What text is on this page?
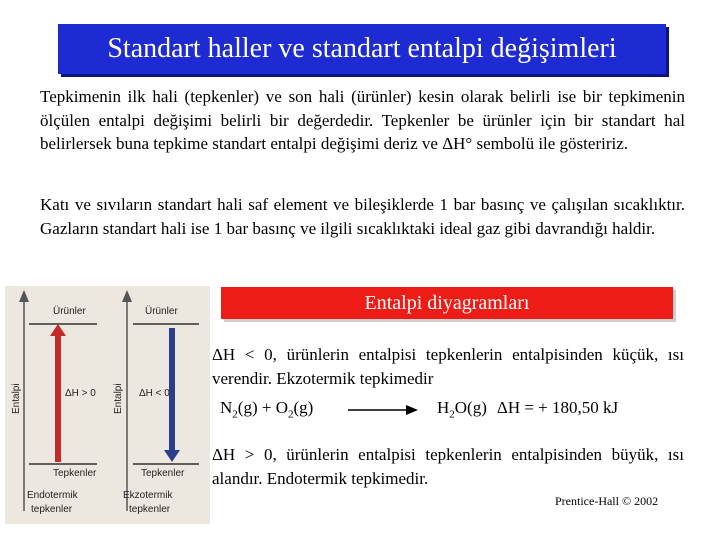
Standart haller ve standart entalpi değişimleri
Tepkimenin ilk hali (tepkenler) ve son hali (ürünler) kesin olarak belirli ise bir tepkimenin ölçülen entalpi değişimi belirli bir değerdedir. Tepkenler be ürünler için bir standart hal belirlersek buna tepkime standart entalpi değişimi deriz ve ΔH° sembolü ile gösteririz.
Katı ve sıvıların standart hali saf element ve bileşiklerde 1 bar basınç ve çalışılan sıcaklıktır. Gazların standart hali ise 1 bar basınç ve ilgili sıcaklıktaki ideal gaz gibi davrandığı haldir.
Ürünler
Tepkenler
ΔH > 0
Entalpi
Endotermik
tepkenler
Ürünler
Tepkenler
ΔH < 0
Entalpi
Ekzotermik
tepkenler
Entalpi diyagramları
ΔH < 0, ürünlerin entalpisi tepkenlerin entalpisinden küçük, ısı verendir. Ekzotermik tepkimedir
$N_2(g) + O_2(g)$	$H_2O(g) \Delta H$ = + 180,50 kJ
ΔH > 0, ürünlerin entalpisi tepkenlerin entalpisinden büyük, ısı alandır. Endotermik tepkimedir.
Prentice-Hall © 2002
